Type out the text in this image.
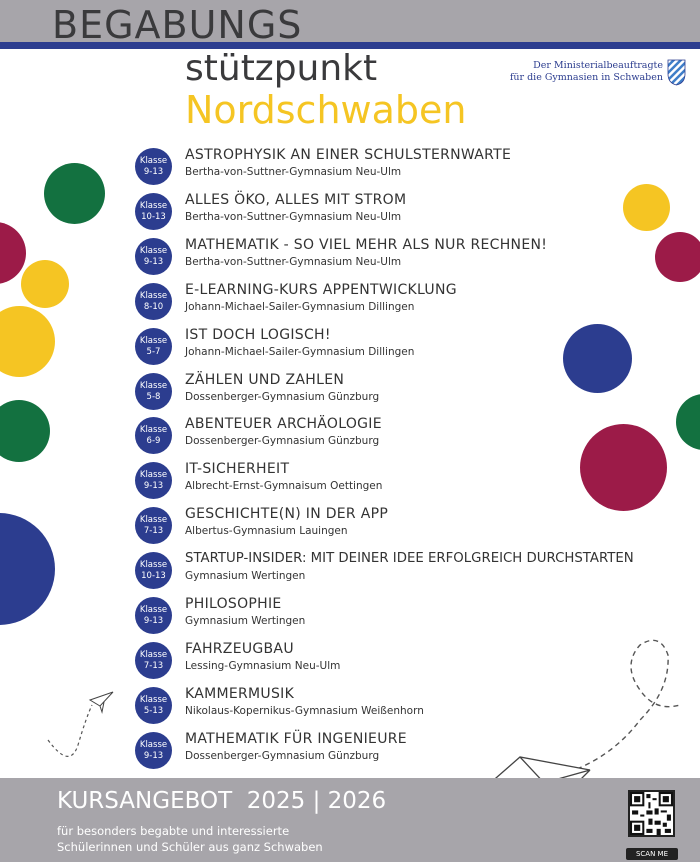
BEGABUNGS
stützpunkt
Nordschwaben
Der Ministerialbeauftragte
für die Gymnasien in Schwaben
Klasse
9-13
ASTROPHYSIK AN EINER SCHULSTERNWARTE
Bertha-von-Suttner-Gymnasium Neu-Ulm
Klasse
10-13
ALLES ÖKO, ALLES MIT STROM
Bertha-von-Suttner-Gymnasium Neu-Ulm
Klasse
9-13
MATHEMATIK - SO VIEL MEHR ALS NUR RECHNEN!
Bertha-von-Suttner-Gymnasium Neu-Ulm
Klasse
8-10
E-LEARNING-KURS APPENTWICKLUNG
Johann-Michael-Sailer-Gymnasium Dillingen
Klasse
5-7
IST DOCH LOGISCH!
Johann-Michael-Sailer-Gymnasium Dillingen
Klasse
5-8
ZÄHLEN UND ZAHLEN
Dossenberger-Gymnasium Günzburg
Klasse
6-9
ABENTEUER ARCHÄOLOGIE
Dossenberger-Gymnasium Günzburg
Klasse
9-13
IT-SICHERHEIT
Albrecht-Ernst-Gymnaisum Oettingen
Klasse
7-13
GESCHICHTE(N) IN DER APP
Albertus-Gymnasium Lauingen
Klasse
10-13
STARTUP-INSIDER: MIT DEINER IDEE ERFOLGREICH DURCHSTARTEN
Gymnasium Wertingen
Klasse
9-13
PHILOSOPHIE
Gymnasium Wertingen
Klasse
7-13
FAHRZEUGBAU
Lessing-Gymnasium Neu-Ulm
Klasse
5-13
KAMMERMUSIK
Nikolaus-Kopernikus-Gymnasium Weißenhorn
Klasse
9-13
MATHEMATIK FÜR INGENIEURE
Dossenberger-Gymnasium Günzburg
KURSANGEBOT  2025 | 2026
für besonders begabte und interessierte
Schülerinnen und Schüler aus ganz Schwaben	SCAN ME
